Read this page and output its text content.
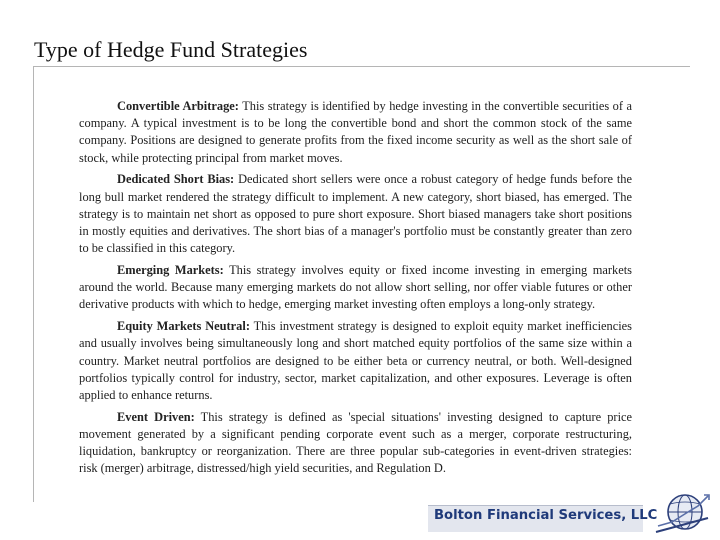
Type of Hedge Fund Strategies

Convertible Arbitrage: This strategy is identified by hedge investing in the convertible securities of a company. A typical investment is to be long the convertible bond and short the common stock of the same company. Positions are designed to generate profits from the fixed income security as well as the short sale of stock, while protecting principal from market moves.

Dedicated Short Bias: Dedicated short sellers were once a robust category of hedge funds before the long bull market rendered the strategy difficult to implement. A new category, short biased, has emerged. The strategy is to maintain net short as opposed to pure short exposure. Short biased managers take short positions in mostly equities and derivatives. The short bias of a manager's portfolio must be constantly greater than zero to be classified in this category.

Emerging Markets: This strategy involves equity or fixed income investing in emerging markets around the world. Because many emerging markets do not allow short selling, nor offer viable futures or other derivative products with which to hedge, emerging market investing often employs a long-only strategy.

Equity Markets Neutral: This investment strategy is designed to exploit equity market inefficiencies and usually involves being simultaneously long and short matched equity portfolios of the same size within a country. Market neutral portfolios are designed to be either beta or currency neutral, or both. Well-designed portfolios typically control for industry, sector, market capitalization, and other exposures. Leverage is often applied to enhance returns.

Event Driven: This strategy is defined as 'special situations' investing designed to capture price movement generated by a significant pending corporate event such as a merger, corporate restructuring, liquidation, bankruptcy or reorganization. There are three popular sub-categories in event-driven strategies: risk (merger) arbitrage, distressed/high yield securities, and Regulation D.

Bolton Financial Services, LLC
